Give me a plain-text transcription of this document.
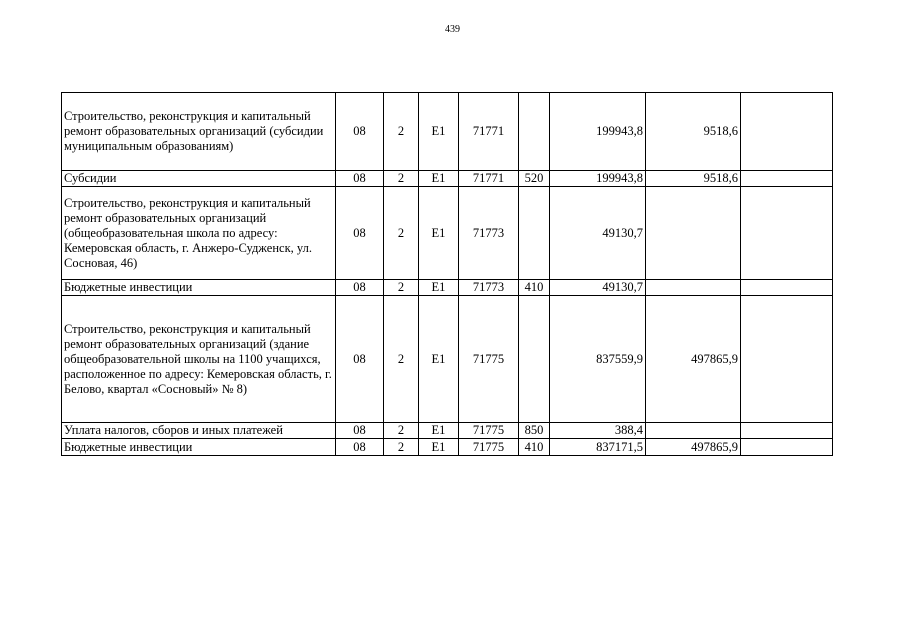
439
Строительство, реконструкция и капитальный ремонт образовательных организаций (субсидии муниципальным образованиям)	08	2	Е1	71771		199943,8	9518,6	
Субсидии	08	2	Е1	71771	520	199943,8	9518,6	
Строительство, реконструкция и капитальный ремонт образовательных организаций (общеобразовательная школа по адресу: Кемеровская область, г. Анжеро-Судженск, ул. Сосновая, 46)	08	2	Е1	71773		49130,7		
Бюджетные инвестиции	08	2	Е1	71773	410	49130,7		
Строительство, реконструкция и капитальный ремонт образовательных организаций (здание общеобразовательной школы на 1100 учащихся, расположенное по адресу: Кемеровская область, г. Белово, квартал «Сосновый» № 8)	08	2	Е1	71775		837559,9	497865,9	
Уплата налогов, сборов и иных платежей	08	2	Е1	71775	850	388,4		
Бюджетные инвестиции	08	2	Е1	71775	410	837171,5	497865,9	
